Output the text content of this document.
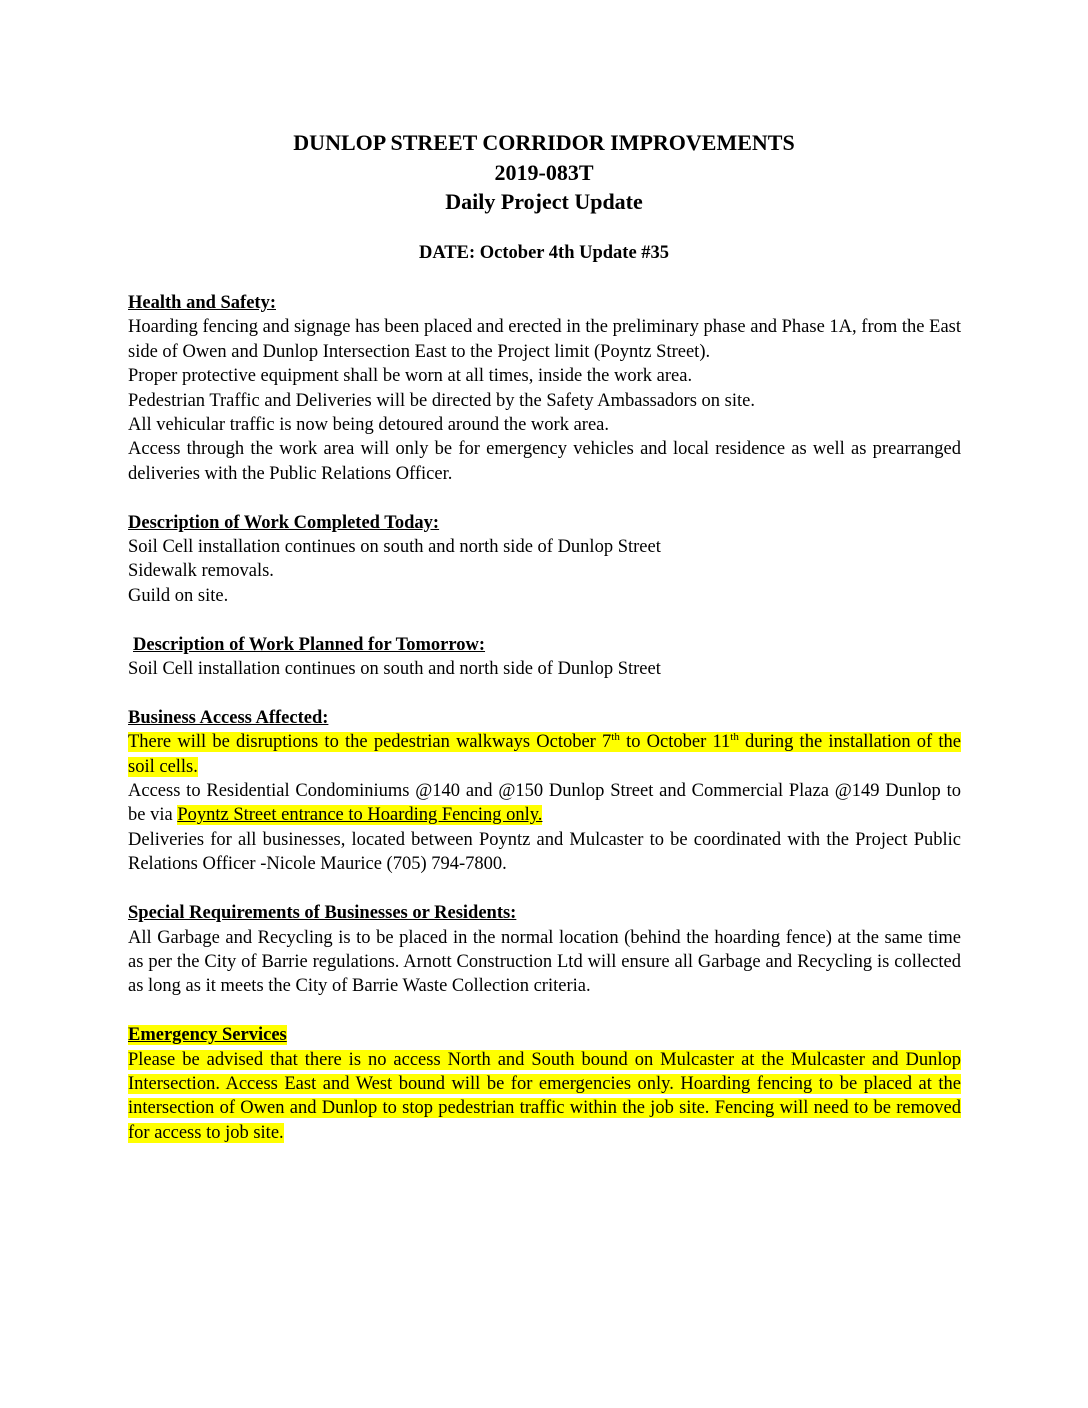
DUNLOP STREET CORRIDOR IMPROVEMENTS
2019-083T
Daily Project Update
DATE: October 4th Update #35
Health and Safety:
Hoarding fencing and signage has been placed and erected in the preliminary phase and Phase 1A, from the East side of Owen and Dunlop Intersection East to the Project limit (Poyntz Street).
Proper protective equipment shall be worn at all times, inside the work area.
Pedestrian Traffic and Deliveries will be directed by the Safety Ambassadors on site.
All vehicular traffic is now being detoured around the work area.
Access through the work area will only be for emergency vehicles and local residence as well as prearranged deliveries with the Public Relations Officer.
Description of Work Completed Today:
Soil Cell installation continues on south and north side of Dunlop Street
Sidewalk removals.
Guild on site.
Description of Work Planned for Tomorrow:
Soil Cell installation continues on south and north side of Dunlop Street
Business Access Affected:
There will be disruptions to the pedestrian walkways October 7th to October 11th during the installation of the soil cells.
Access to Residential Condominiums @140 and @150 Dunlop Street and Commercial Plaza @149 Dunlop to be via Poyntz Street entrance to Hoarding Fencing only.
Deliveries for all businesses, located between Poyntz and Mulcaster to be coordinated with the Project Public Relations Officer -Nicole Maurice (705) 794-7800.
Special Requirements of Businesses or Residents:
All Garbage and Recycling is to be placed in the normal location (behind the hoarding fence) at the same time as per the City of Barrie regulations. Arnott Construction Ltd will ensure all Garbage and Recycling is collected as long as it meets the City of Barrie Waste Collection criteria.
Emergency Services
Please be advised that there is no access North and South bound on Mulcaster at the Mulcaster and Dunlop Intersection. Access East and West bound will be for emergencies only. Hoarding fencing to be placed at the intersection of Owen and Dunlop to stop pedestrian traffic within the job site. Fencing will need to be removed for access to job site.
